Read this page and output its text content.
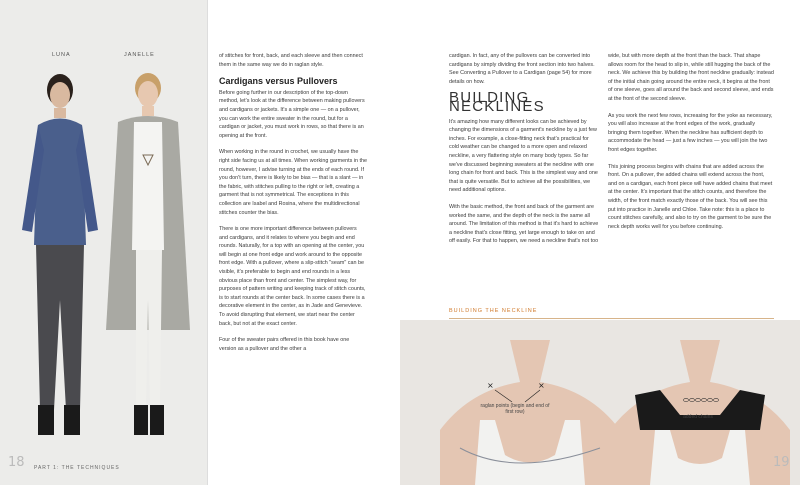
LUNA	JANELLE
18 PART 1: THE TECHNIQUES

of stitches for front, back, and each sleeve and then connect them in the same way we do in raglan style.

Cardigans versus Pullovers

Before going further in our description of the top-down method, let's look at the difference between making pullovers and cardigans or jackets. It's a simple one — on a pullover, you can work the entire sweater in the round, but for a cardigan or jacket, you must work in rows, so that there is an opening at the front.

When working in the round in crochet, we usually have the right side facing us at all times. When working garments in the round, however, I advise turning at the ends of each round. If you don't turn, there is likely to be bias — that is a slant — in the fabric, with stitches pulling to the right or left, creating a garment that is not symmetrical. The exceptions in this collection are Isabel and Rosina, where the multidirectional stitches counter the bias.

There is one more important difference between pullovers and cardigans, and it relates to where you begin and end rounds. Naturally, for a top with an opening at the center, you will begin at one front edge and work around to the opposite front edge. With a pullover, where a slip-stitch "seam" can be visible, it's preferable to begin and end rounds in a less obvious place than front and center. The simplest way, for purposes of pattern writing and keeping track of stitch counts, is to start rounds at the center back. In some cases there is a decorative element in the center, as in Jade and Genevieve. To avoid disrupting that element, we start near the center back, but not at the exact center.

Four of the sweater pairs offered in this book have one version as a pullover and the other a

cardigan. In fact, any of the pullovers can be converted into cardigans by simply dividing the front section into two halves. See Converting a Pullover to a Cardigan (page 54) for more details on how.

BUILDING NECKLINES

It's amazing how many different looks can be achieved by changing the dimensions of a garment's neckline by a just few inches. For example, a close-fitting neck that's practical for cold weather can be changed to a more open and relaxed neckline, a very flattering style on many body types. So far we've discussed beginning sweaters at the neckline with one long chain for front and back. This is the simplest way and one that is quite versatile. But to achieve all the possibilities, we need additional options.

With the basic method, the front and back of the garment are worked the same, and the depth of the neck is the same all around. The limitation of this method is that it's hard to achieve a neckline that's close fitting, yet large enough to take on and off easily. For that to happen, we need a neckline that's not too

wide, but with more depth at the front than the back. That shape allows room for the head to slip in, while still hugging the back of the neck. We achieve this by building the front neckline gradually: instead of the initial chain going around the entire neck, it begins at the front of one sleeve, goes all around the back and second sleeve, and ends at the front of the second sleeve.

As you work the next few rows, increasing for the yoke as necessary, you will also increase at the front edges of the work, gradually bringing them together. When the neckline has sufficient depth to accommodate the head — just a few inches — you will join the two front edges together.

This joining process begins with chains that are added across the front. On a pullover, the added chains will extend across the front, and on a cardigan, each front piece will have added chains that meet at the center. It's important that the stitch counts, and therefore the width, of the front match exactly those of the back. You will see this put into practice in Janelle and Chloe. Take note: this is a place to count stitches carefully, and also to try on the garment to be sure the neck depth works well for you before continuing.

BUILDING THE NECKLINE
×	×
raglan points (begin and end of first row)
added chains
19
